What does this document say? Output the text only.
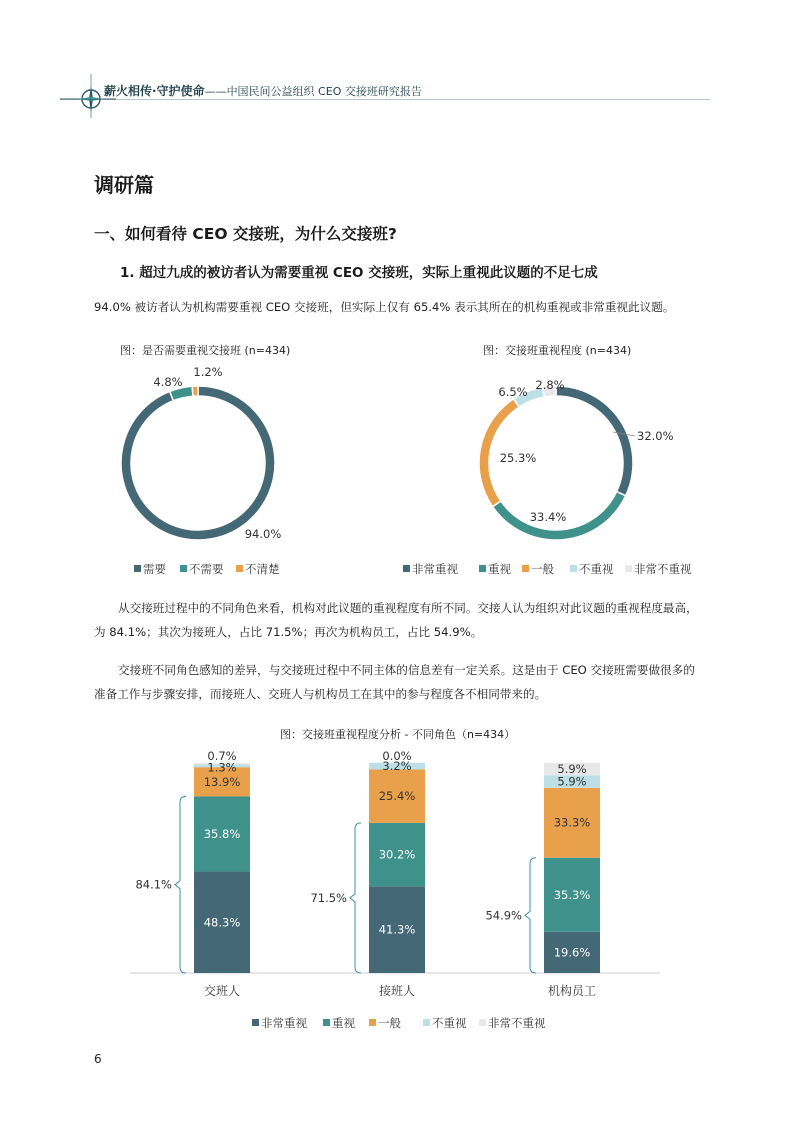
薪火相传·守护使命——中国民间公益组织 CEO 交接班研究报告
调研篇
一、如何看待 CEO 交接班，为什么交接班?
1. 超过九成的被访者认为需要重视 CEO 交接班，实际上重视此议题的不足七成
94.0% 被访者认为机构需要重视 CEO 交接班，但实际上仅有 65.4% 表示其所在的机构重视或非常重视此议题。
图：是否需要重视交接班 (n=434)
94.0%
4.8%
1.2%
需要 不需要 不清楚
图：交接班重视程度 (n=434)
32.0%
33.4%
25.3%
6.5% 2.8%
非常重视	重视 一般 不重视 非常不重视
从交接班过程中的不同角色来看，机构对此议题的重视程度有所不同。交接人认为组织对此议题的重视程度最高，为 84.1%；其次为接班人，占比 71.5%；再次为机构员工，占比 54.9%。
交接班不同角色感知的差异，与交接班过程中不同主体的信息差有一定关系。这是由于 CEO 交接班需要做很多的准备工作与步骤安排，而接班人、交班人与机构员工在其中的参与程度各不相同带来的。
图：交接班重视程度分析 - 不同角色（n=434）
48.3%
35.8%
13.9%
1.3%
0.7%
84.1%
交班人
41.3%
30.2%
25.4%
3.2%
0.0%
71.5%
接班人
19.6%
35.3%
33.3%
5.9%
5.9%
54.9%
机构员工
非常重视 重视 一般	不重视 非常不重视
6
